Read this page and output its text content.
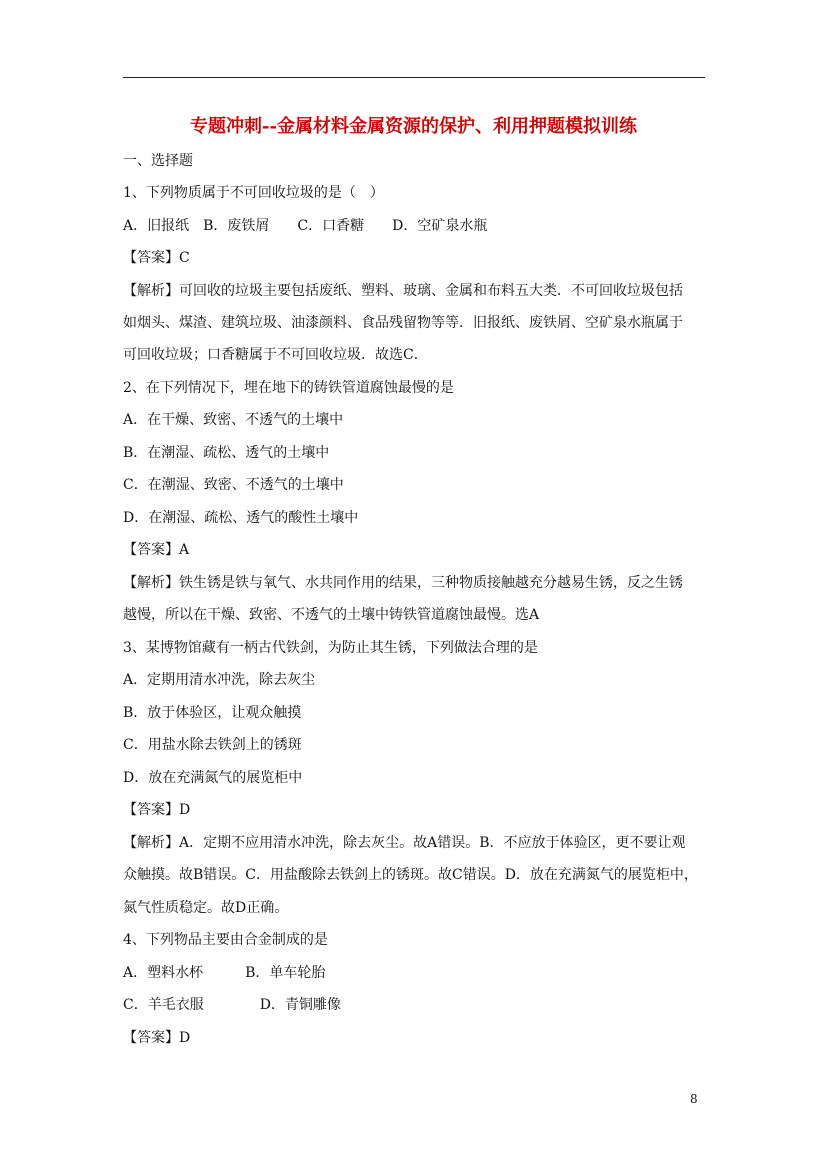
专题冲刺--金属材料金属资源的保护、利用押题模拟训练
一、选择题
1、下列物质属于不可回收垃圾的是（　）
A．旧报纸　B．废铁屑　　C．口香糖　　D．空矿泉水瓶
【答案】C
【解析】可回收的垃圾主要包括废纸、塑料、玻璃、金属和布料五大类．不可回收垃圾包括
如烟头、煤渣、建筑垃圾、油漆颜料、食品残留物等等．旧报纸、废铁屑、空矿泉水瓶属于
可回收垃圾；口香糖属于不可回收垃圾．故选C．
2、在下列情况下，埋在地下的铸铁管道腐蚀最慢的是
A．在干燥、致密、不透气的土壤中
B．在潮湿、疏松、透气的土壤中
C．在潮湿、致密、不透气的土壤中
D．在潮湿、疏松、透气的酸性土壤中
【答案】A
【解析】铁生锈是铁与氧气、水共同作用的结果，三种物质接触越充分越易生锈，反之生锈
越慢，所以在干燥、致密、不透气的土壤中铸铁管道腐蚀最慢。选A
3、某博物馆藏有一柄古代铁剑，为防止其生锈，下列做法合理的是
A．定期用清水冲洗，除去灰尘
B．放于体验区，让观众触摸
C．用盐水除去铁剑上的锈斑
D．放在充满氮气的展览柜中
【答案】D
【解析】A．定期不应用清水冲洗，除去灰尘。故A错误。B．不应放于体验区，更不要让观
众触摸。故B错误。C．用盐酸除去铁剑上的锈斑。故C错误。D．放在充满氮气的展览柜中，
氮气性质稳定。故D正确。
4、下列物品主要由合金制成的是
A．塑料水杯　　　B．单车轮胎
C．羊毛衣服　　　　D．青铜雕像
【答案】D
8
